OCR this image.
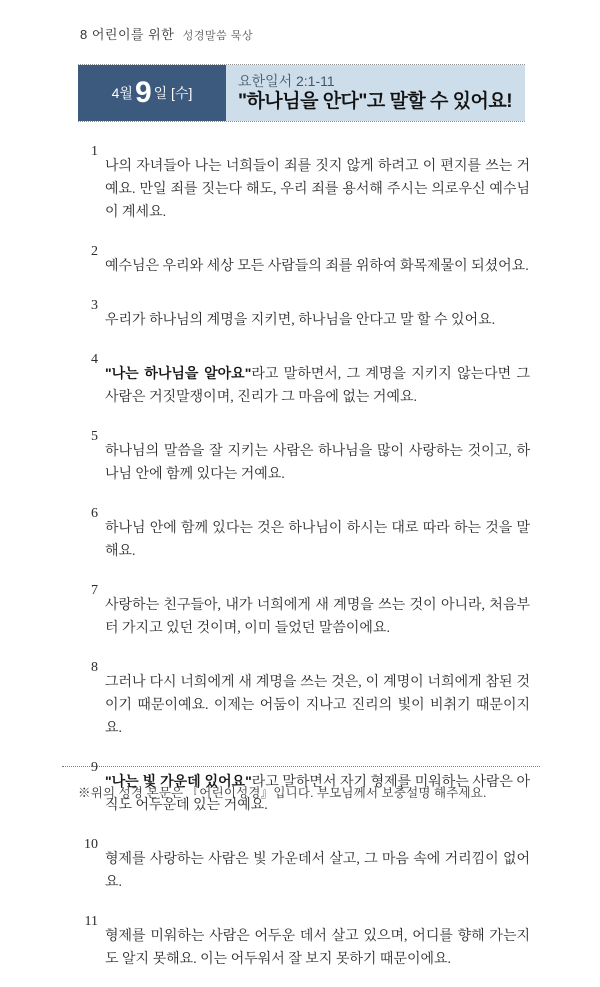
8 어린이를 위한 성경말씀 묵상
4월 9 일 [수]
요한일서 2:1-11
"하나님을 안다"고 말할 수 있어요!
1

나의 자녀들아 나는 너희들이 죄를 짓지 않게 하려고 이 편지를 쓰는 거예요. 만일 죄를 짓는다 해도, 우리 죄를 용서해 주시는 의로우신 예수님이 계세요.

2

예수님은 우리와 세상 모든 사람들의 죄를 위하여 화목제물이 되셨어요.

3

우리가 하나님의 계명을 지키면, 하나님을 안다고 말 할 수 있어요.

4

"나는 하나님을 알아요"라고 말하면서, 그 계명을 지키지 않는다면 그 사람은 거짓말쟁이며, 진리가 그 마음에 없는 거예요.

5

하나님의 말씀을 잘 지키는 사람은 하나님을 많이 사랑하는 것이고, 하나님 안에 함께 있다는 거예요.

6

하나님 안에 함께 있다는 것은 하나님이 하시는 대로 따라 하는 것을 말해요.

7

사랑하는 친구들아, 내가 너희에게 새 계명을 쓰는 것이 아니라, 처음부터 가지고 있던 것이며, 이미 들었던 말씀이에요.

8

그러나 다시 너희에게 새 계명을 쓰는 것은, 이 계명이 너희에게 참된 것이기 때문이예요. 이제는 어둠이 지나고 진리의 빛이 비취기 때문이지요.

9

"나는 빛 가운데 있어요"라고 말하면서 자기 형제를 미워하는 사람은 아직도 어두운데 있는 거예요.

10

형제를 사랑하는 사람은 빛 가운데서 살고, 그 마음 속에 거리낌이 없어요.

11

형제를 미워하는 사람은 어두운 데서 살고 있으며, 어디를 향해 가는지도 알지 못해요. 이는 어두워서 잘 보지 못하기 때문이에요.

※위의 성경 본문은 『어린이성경』입니다. 부모님께서 보충설명 해주세요.
